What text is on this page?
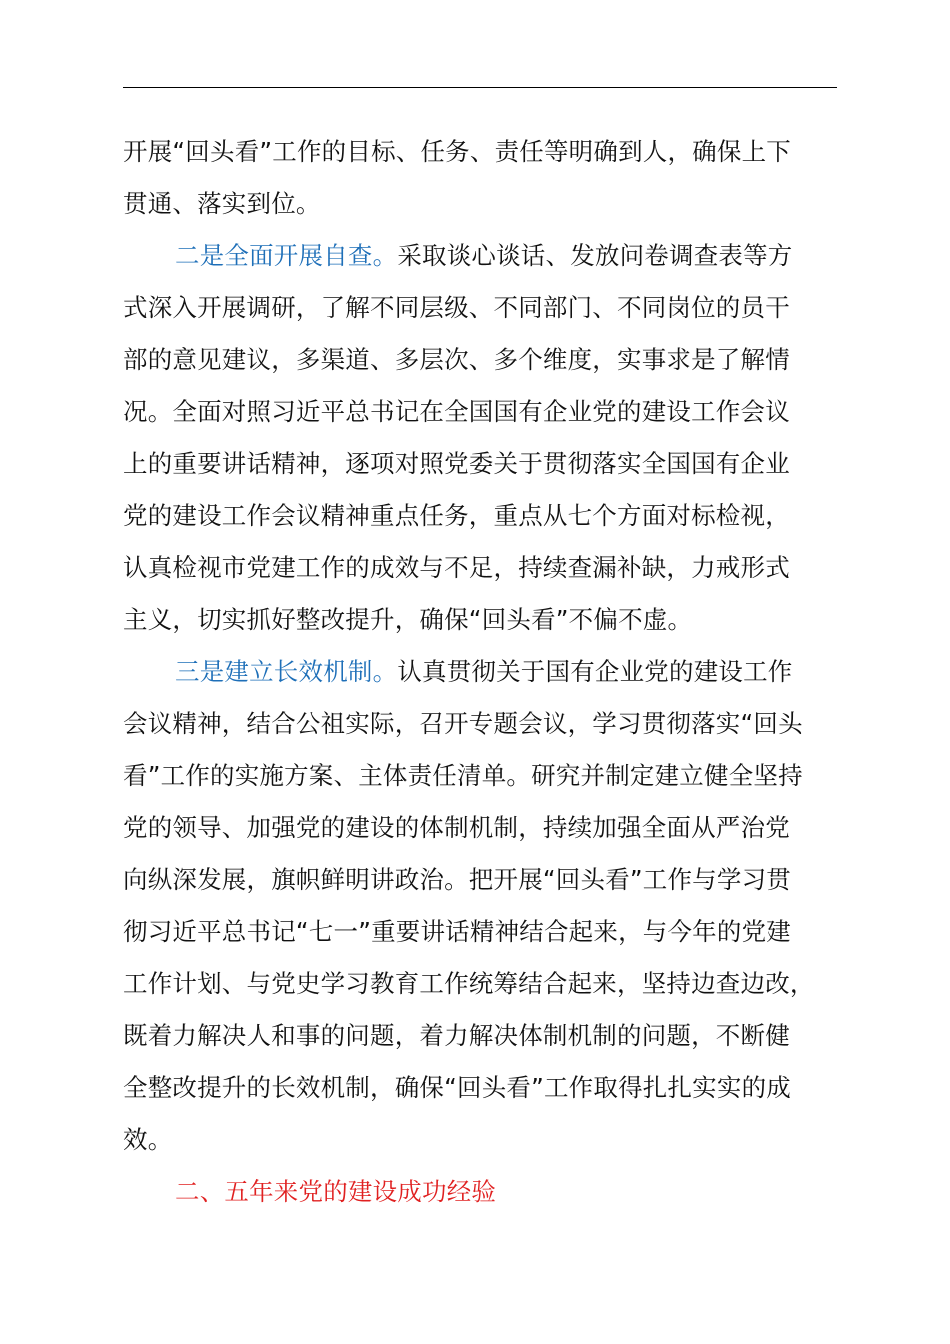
开展“回头看”工作的目标、任务、责任等明确到人，确保上下
贯通、落实到位。
二是全面开展自查。采取谈心谈话、发放问卷调查表等方
式深入开展调研，了解不同层级、不同部门、不同岗位的员干
部的意见建议，多渠道、多层次、多个维度，实事求是了解情
况。全面对照习近平总书记在全国国有企业党的建设工作会议
上的重要讲话精神，逐项对照党委关于贯彻落实全国国有企业
党的建设工作会议精神重点任务，重点从七个方面对标检视，
认真检视市党建工作的成效与不足，持续查漏补缺，力戒形式
主义，切实抓好整改提升，确保“回头看”不偏不虚。
三是建立长效机制。认真贯彻关于国有企业党的建设工作
会议精神，结合公祖实际，召开专题会议，学习贯彻落实“回头
看”工作的实施方案、主体责任清单。研究并制定建立健全坚持
党的领导、加强党的建设的体制机制，持续加强全面从严治党
向纵深发展，旗帜鲜明讲政治。把开展“回头看”工作与学习贯
彻习近平总书记“七一”重要讲话精神结合起来，与今年的党建
工作计划、与党史学习教育工作统筹结合起来，坚持边查边改，
既着力解决人和事的问题，着力解决体制机制的问题，不断健
全整改提升的长效机制，确保“回头看”工作取得扎扎实实的成
效。
二、五年来党的建设成功经验
